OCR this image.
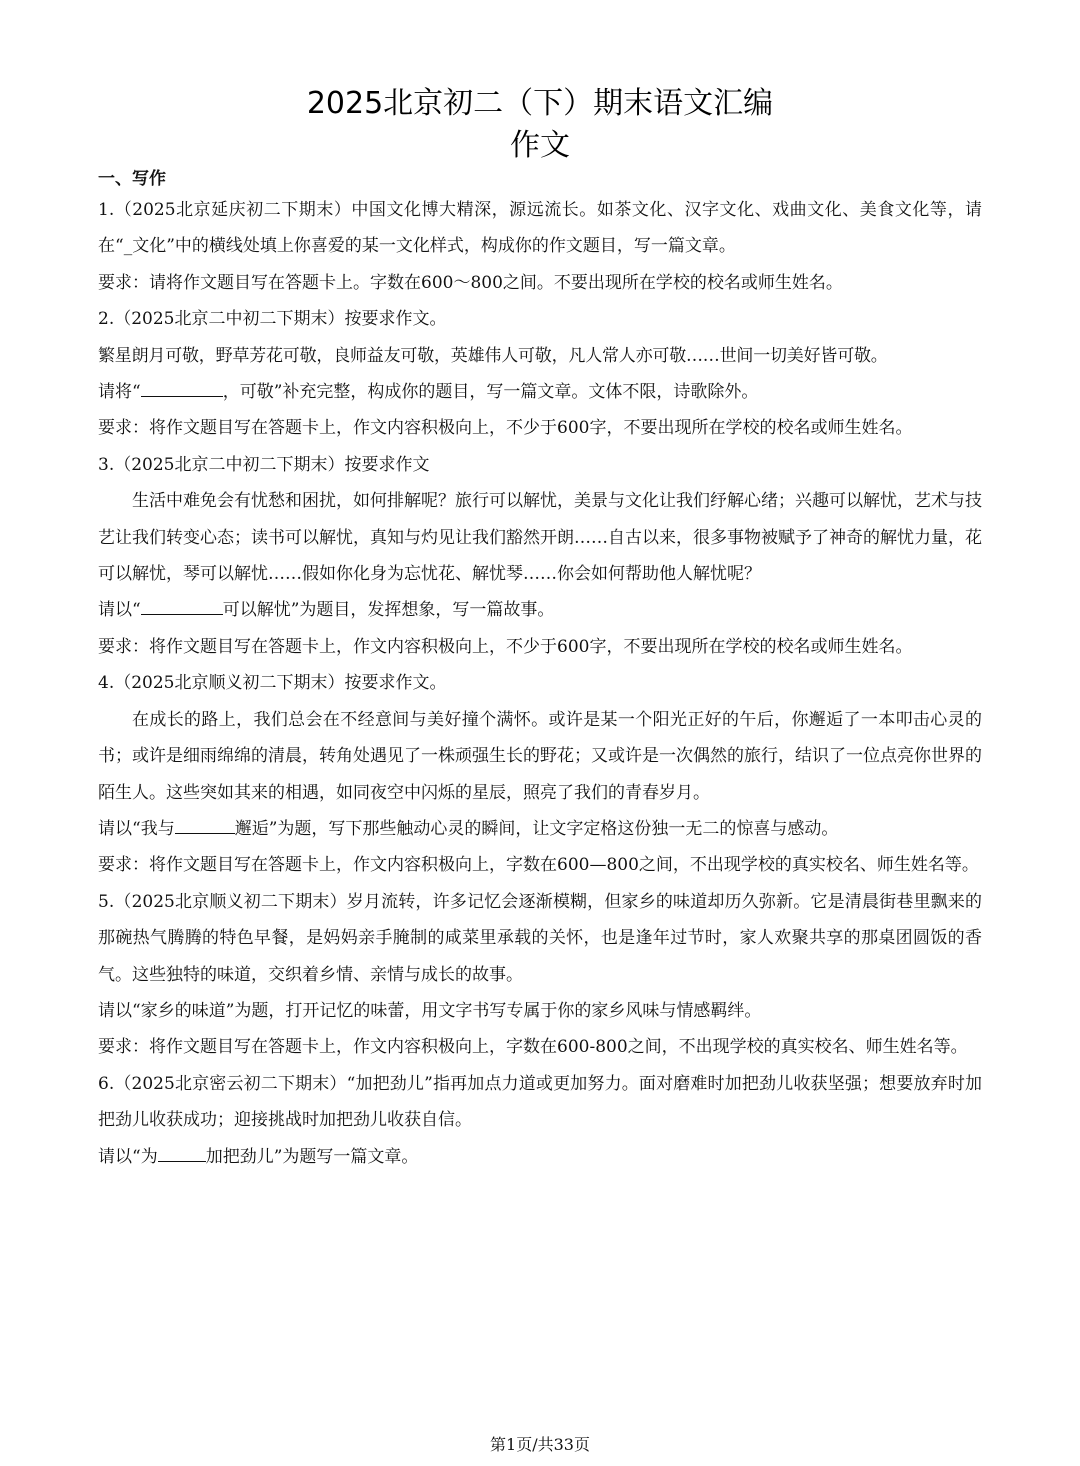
2025北京初二（下）期末语文汇编
作文
一、写作

1.（2025北京延庆初二下期末）中国文化博大精深，源远流长。如茶文化、汉字文化、戏曲文化、美食文化等，请在“_文化”中的横线处填上你喜爱的某一文化样式，构成你的作文题目，写一篇文章。

要求：请将作文题目写在答题卡上。字数在600～800之间。不要出现所在学校的校名或师生姓名。

2.（2025北京二中初二下期末）按要求作文。

繁星朗月可敬，野草芳花可敬，良师益友可敬，英雄伟人可敬，凡人常人亦可敬……世间一切美好皆可敬。

请将“	，可敬”补充完整，构成你的题目，写一篇文章。文体不限，诗歌除外。

要求：将作文题目写在答题卡上，作文内容积极向上，不少于600字，不要出现所在学校的校名或师生姓名。

3.（2025北京二中初二下期末）按要求作文

生活中难免会有忧愁和困扰，如何排解呢？旅行可以解忧，美景与文化让我们纾解心绪；兴趣可以解忧，艺术与技艺让我们转变心态；读书可以解忧，真知与灼见让我们豁然开朗……自古以来，很多事物被赋予了神奇的解忧力量，花可以解忧，琴可以解忧……假如你化身为忘忧花、解忧琴……你会如何帮助他人解忧呢？

请以“	可以解忧”为题目，发挥想象，写一篇故事。

要求：将作文题目写在答题卡上，作文内容积极向上，不少于600字，不要出现所在学校的校名或师生姓名。

4.（2025北京顺义初二下期末）按要求作文。

在成长的路上，我们总会在不经意间与美好撞个满怀。或许是某一个阳光正好的午后，你邂逅了一本叩击心灵的书；或许是细雨绵绵的清晨，转角处遇见了一株顽强生长的野花；又或许是一次偶然的旅行，结识了一位点亮你世界的陌生人。这些突如其来的相遇，如同夜空中闪烁的星辰，照亮了我们的青春岁月。

请以“我与	邂逅”为题，写下那些触动心灵的瞬间，让文字定格这份独一无二的惊喜与感动。

要求：将作文题目写在答题卡上，作文内容积极向上，字数在600—800之间，不出现学校的真实校名、师生姓名等。

5.（2025北京顺义初二下期末）岁月流转，许多记忆会逐渐模糊，但家乡的味道却历久弥新。它是清晨街巷里飘来的那碗热气腾腾的特色早餐，是妈妈亲手腌制的咸菜里承载的关怀，也是逢年过节时，家人欢聚共享的那桌团圆饭的香气。这些独特的味道，交织着乡情、亲情与成长的故事。

请以“家乡的味道”为题，打开记忆的味蕾，用文字书写专属于你的家乡风味与情感羁绊。

要求：将作文题目写在答题卡上，作文内容积极向上，字数在600-800之间，不出现学校的真实校名、师生姓名等。

6.（2025北京密云初二下期末）“加把劲儿”指再加点力道或更加努力。面对磨难时加把劲儿收获坚强；想要放弃时加把劲儿收获成功；迎接挑战时加把劲儿收获自信。

请以“为	加把劲儿”为题写一篇文章。

第1页/共33页
